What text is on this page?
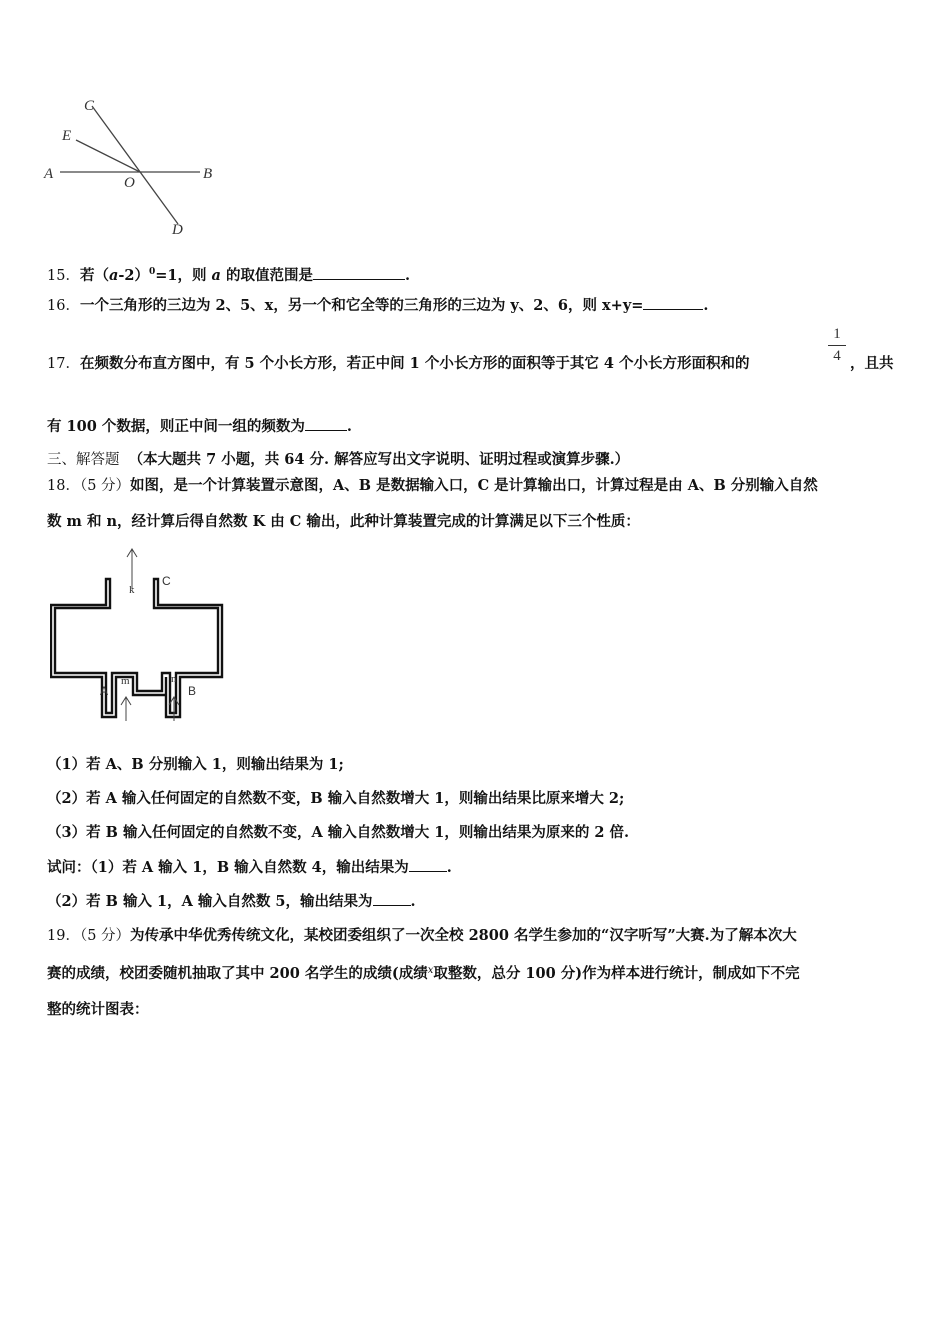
C
E
A
O
B
D
15．若$(a-2)^0=1$，则 a 的取值范围是	.
16．一个三角形的三边为 2、5、x，另一个和它全等的三角形的三边为 y、2、6，则 x+y=	.
17．在频数分布直方图中，有 5 个小长方形，若正中间 1 个小长方形的面积等于其它 4 个小长方形面积和的
1
4 ，且共
有 100 个数据，则正中间一组的频数为	.
三、解答题 （本大题共 7 小题，共 64 分. 解答应写出文字说明、证明过程或演算步骤.）
18．（5 分）如图，是一个计算装置示意图，A、B 是数据输入口，C 是计算输出口，计算过程是由 A、B 分别输入自然
数 m 和 n，经计算后得自然数 K 由 C 输出，此种计算装置完成的计算满足以下三个性质：
k
C
m	n
A	B
（1）若 A、B 分别输入 1，则输出结果为 1;
（2）若 A 输入任何固定的自然数不变，B 输入自然数增大 1，则输出结果比原来增大 2;
（3）若 B 输入任何固定的自然数不变，A 输入自然数增大 1，则输出结果为原来的 2 倍.
试问：（1）若 A 输入 1，B 输入自然数 4，输出结果为	.
（2）若 B 输入 1，A 输入自然数 5，输出结果为	.
19．（5 分）为传承中华优秀传统文化，某校团委组织了一次全校 2800 名学生参加的“汉字听写”大赛.为了解本次大
赛的成绩，校团委随机抽取了其中 200 名学生的成绩(成绩$^x$取整数，总分 100 分)作为样本进行统计，制成如下不完
整的统计图表：
